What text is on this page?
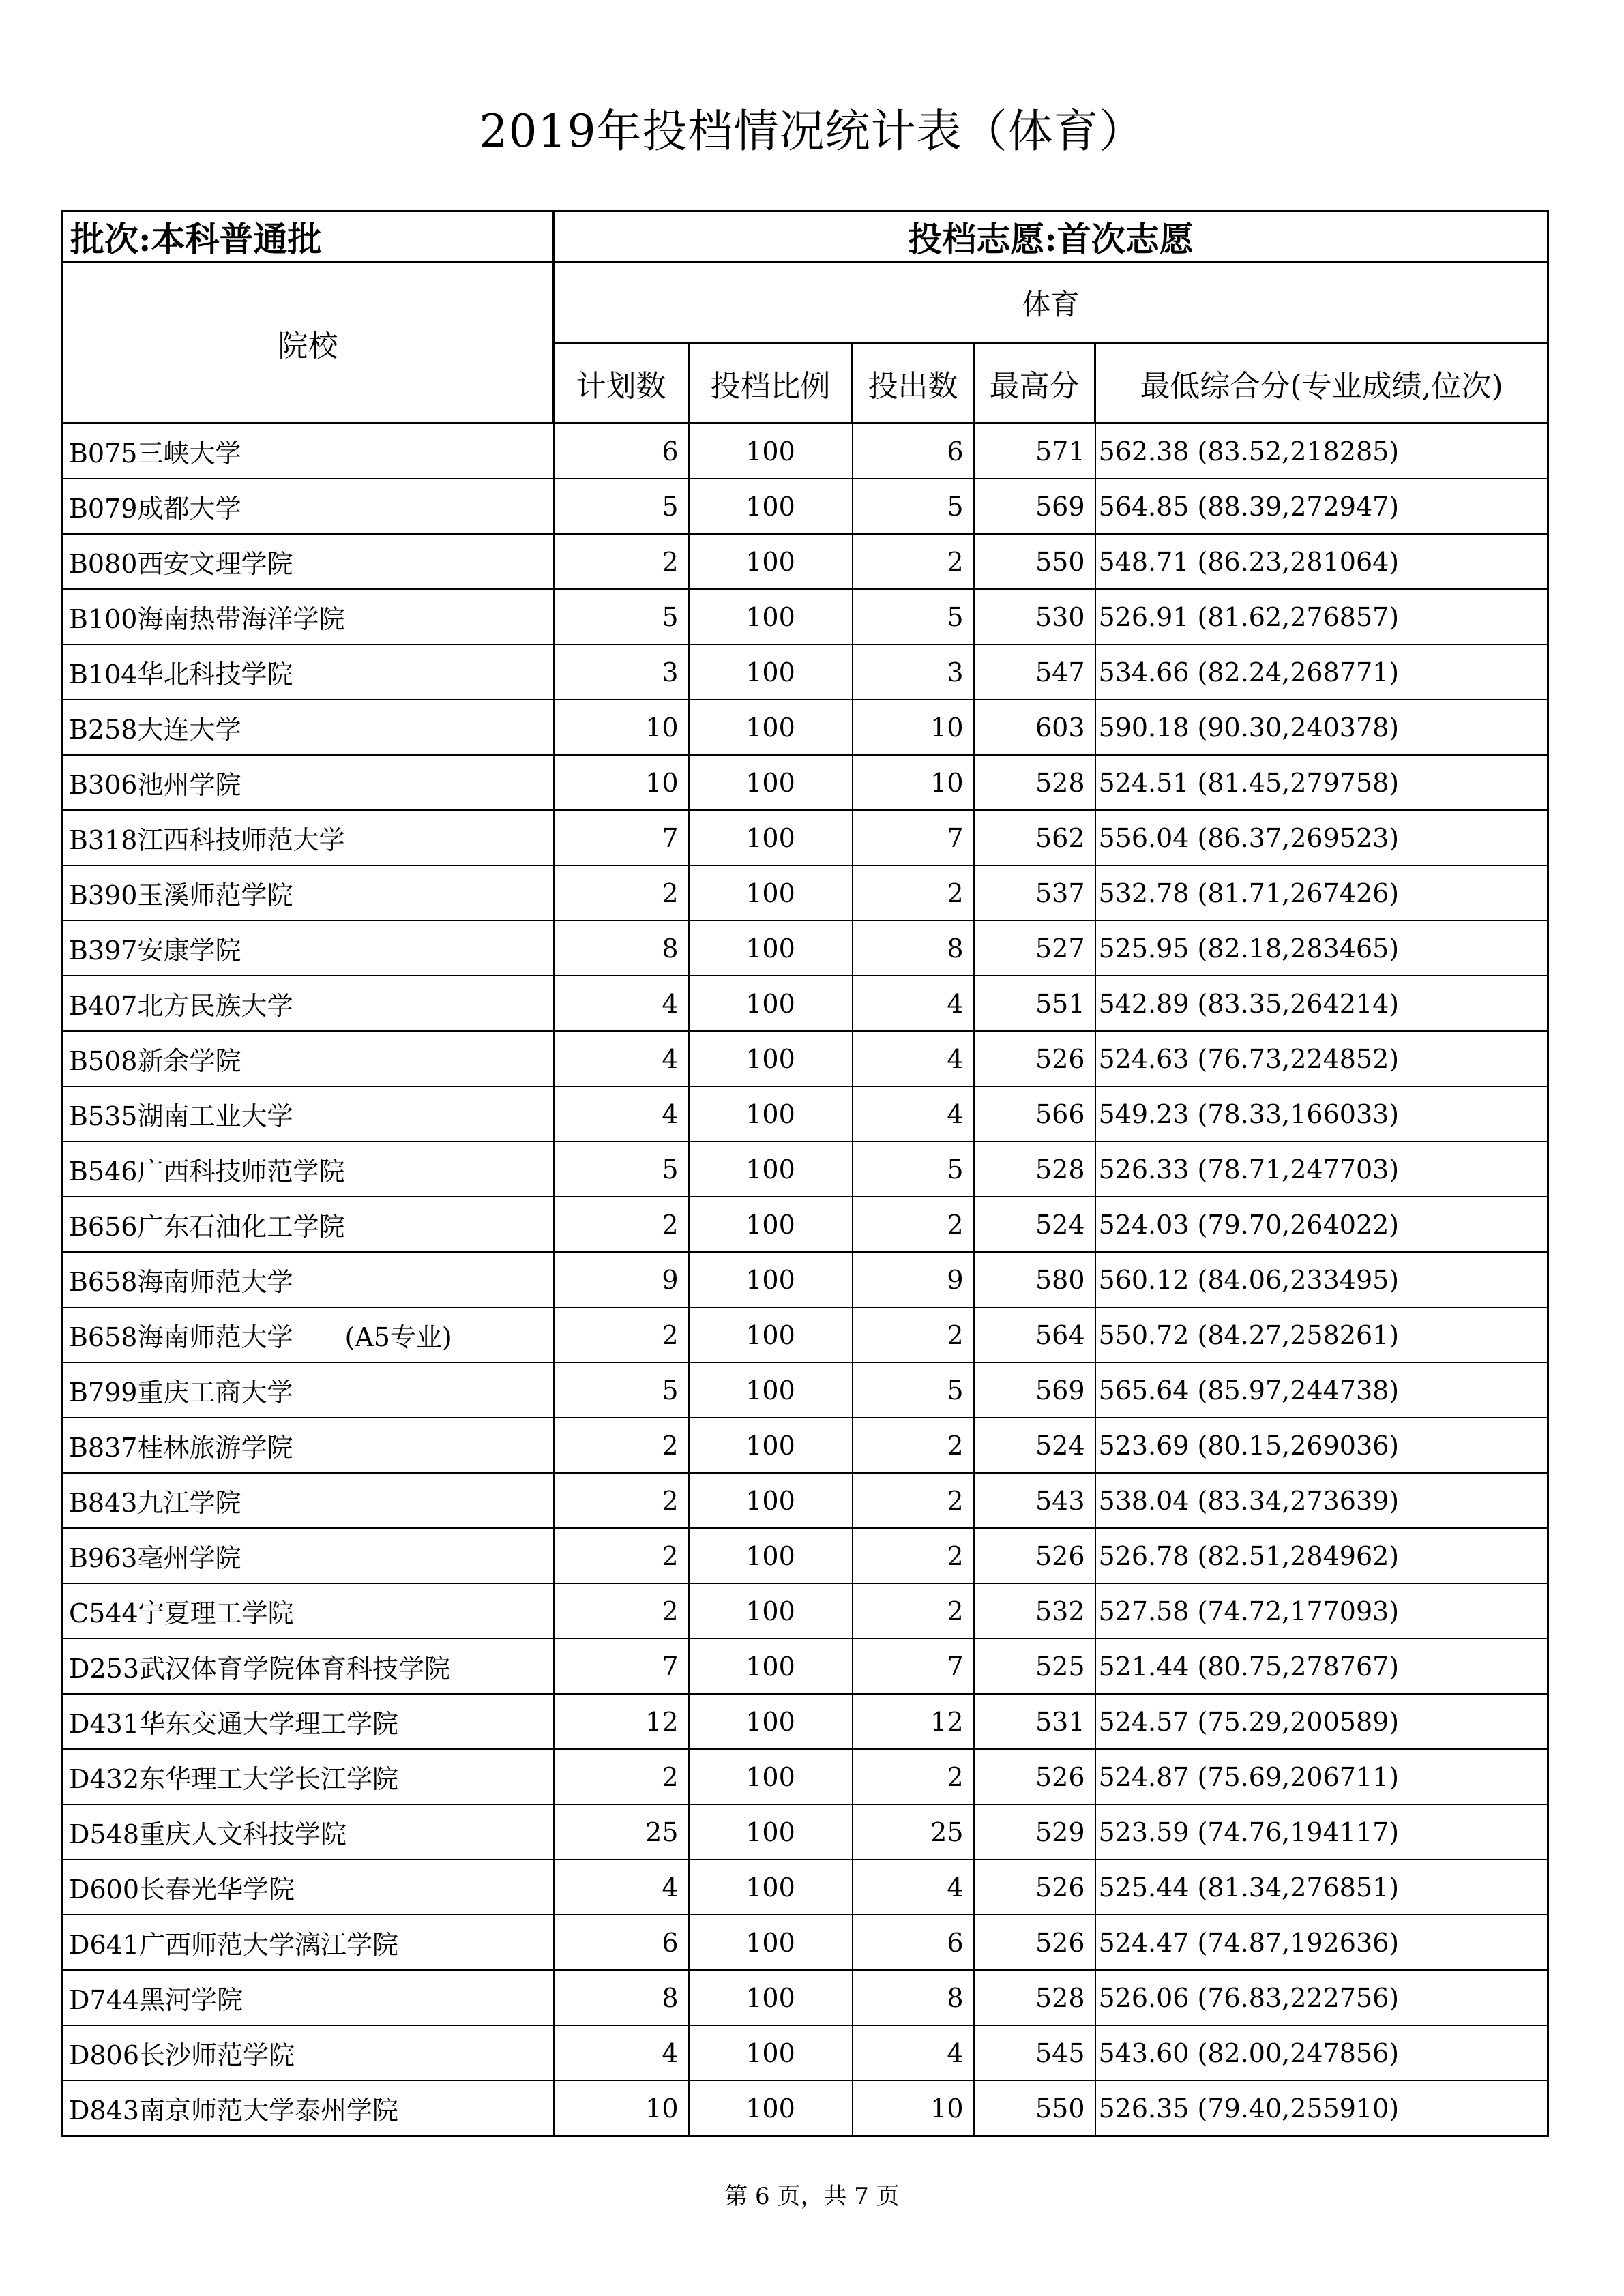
2019年投档情况统计表（体育）
批次:本科普通批	投档志愿:首次志愿				
院校	体育				
	计划数	投档比例	投出数	最高分	最低综合分(专业成绩,位次)
B075三峡大学	6	100	6	571	562.38 (83.52,218285)
B079成都大学	5	100	5	569	564.85 (88.39,272947)
B080西安文理学院	2	100	2	550	548.71 (86.23,281064)
B100海南热带海洋学院	5	100	5	530	526.91 (81.62,276857)
B104华北科技学院	3	100	3	547	534.66 (82.24,268771)
B258大连大学	10	100	10	603	590.18 (90.30,240378)
B306池州学院	10	100	10	528	524.51 (81.45,279758)
B318江西科技师范大学	7	100	7	562	556.04 (86.37,269523)
B390玉溪师范学院	2	100	2	537	532.78 (81.71,267426)
B397安康学院	8	100	8	527	525.95 (82.18,283465)
B407北方民族大学	4	100	4	551	542.89 (83.35,264214)
B508新余学院	4	100	4	526	524.63 (76.73,224852)
B535湖南工业大学	4	100	4	566	549.23 (78.33,166033)
B546广西科技师范学院	5	100	5	528	526.33 (78.71,247703)
B656广东石油化工学院	2	100	2	524	524.03 (79.70,264022)
B658海南师范大学	9	100	9	580	560.12 (84.06,233495)
B658海南师范大学　　(A5专业)	2	100	2	564	550.72 (84.27,258261)
B799重庆工商大学	5	100	5	569	565.64 (85.97,244738)
B837桂林旅游学院	2	100	2	524	523.69 (80.15,269036)
B843九江学院	2	100	2	543	538.04 (83.34,273639)
B963亳州学院	2	100	2	526	526.78 (82.51,284962)
C544宁夏理工学院	2	100	2	532	527.58 (74.72,177093)
D253武汉体育学院体育科技学院	7	100	7	525	521.44 (80.75,278767)
D431华东交通大学理工学院	12	100	12	531	524.57 (75.29,200589)
D432东华理工大学长江学院	2	100	2	526	524.87 (75.69,206711)
D548重庆人文科技学院	25	100	25	529	523.59 (74.76,194117)
D600长春光华学院	4	100	4	526	525.44 (81.34,276851)
D641广西师范大学漓江学院	6	100	6	526	524.47 (74.87,192636)
D744黑河学院	8	100	8	528	526.06 (76.83,222756)
D806长沙师范学院	4	100	4	545	543.60 (82.00,247856)
D843南京师范大学泰州学院	10	100	10	550	526.35 (79.40,255910)
第 6 页，共 7 页
